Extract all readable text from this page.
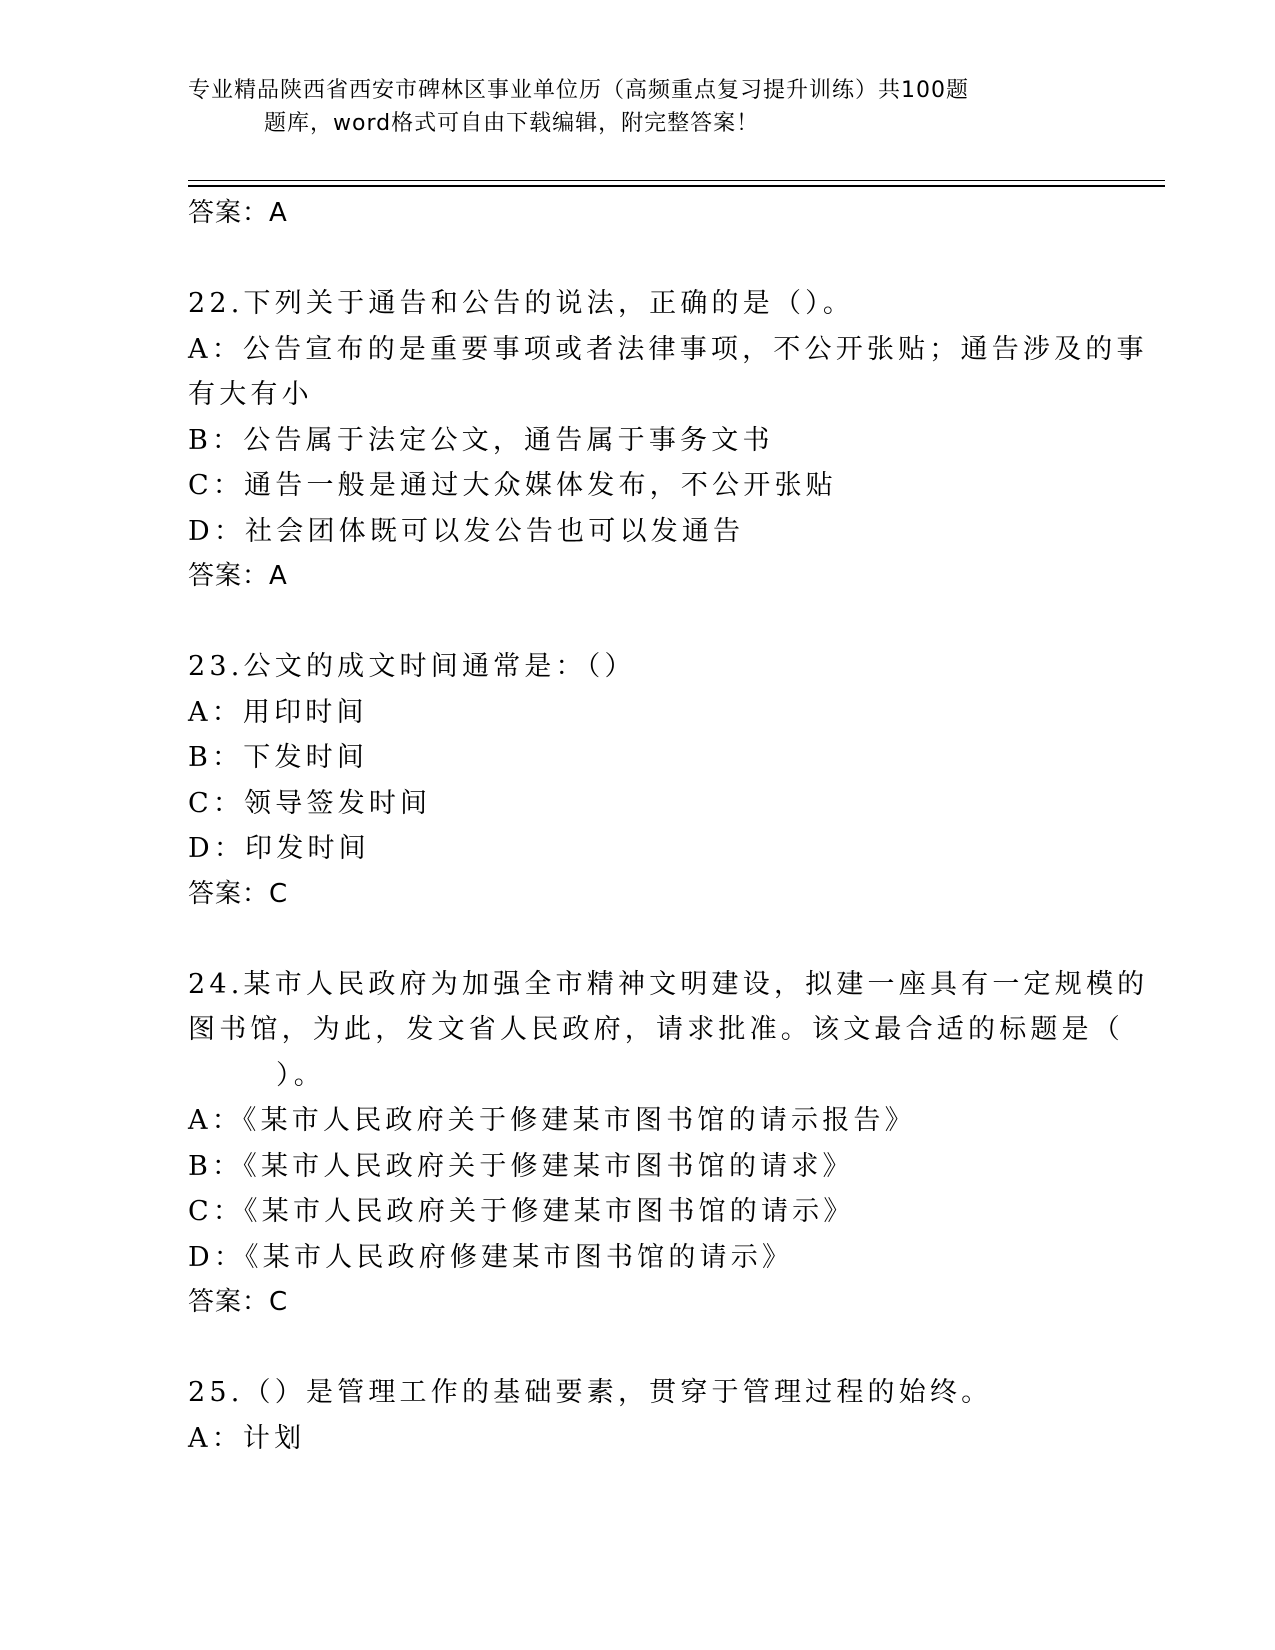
专业精品陕西省西安市碑林区事业单位历（高频重点复习提升训练）共100题
题库，word格式可自由下载编辑，附完整答案！
答案：A
22.下列关于通告和公告的说法，正确的是（）。
A：公告宣布的是重要事项或者法律事项，不公开张贴；通告涉及的事
有大有小
B：公告属于法定公文，通告属于事务文书
C：通告一般是通过大众媒体发布，不公开张贴
D：社会团体既可以发公告也可以发通告
答案：A
23.公文的成文时间通常是：（）
A：用印时间
B：下发时间
C：领导签发时间
D：印发时间
答案：C
24.某市人民政府为加强全市精神文明建设，拟建一座具有一定规模的
图书馆，为此，发文省人民政府，请求批准。该文最合适的标题是（
）。
A：《某市人民政府关于修建某市图书馆的请示报告》
B：《某市人民政府关于修建某市图书馆的请求》
C：《某市人民政府关于修建某市图书馆的请示》
D：《某市人民政府修建某市图书馆的请示》
答案：C
25.（）是管理工作的基础要素，贯穿于管理过程的始终。
A：计划
